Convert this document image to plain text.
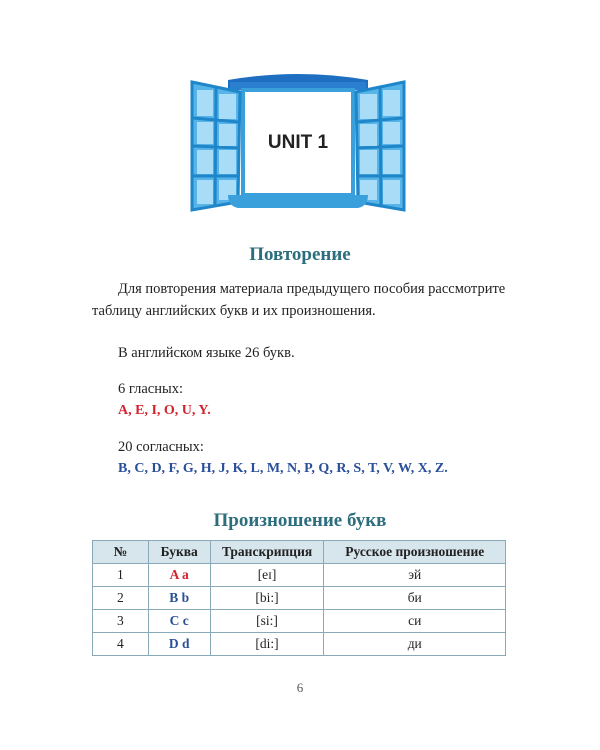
UNIT 1
Повторение

Для повторения материала предыдущего пособия рассмотрите

таблицу английских букв и их произношения.

В английском языке 26 букв.

6 гласных:

A, E, I, O, U, Y.

20 согласных:

B, C, D, F, G, H, J, K, L, M, N, P, Q, R, S, T, V, W, X, Z.

Произношение букв
№	Буква	Транскрипция	Русское произношение
1	A a	[eɪ]	эй
2	B b	[bi:]	би
3	C c	[si:]	си
4	D d	[di:]	ди
6
